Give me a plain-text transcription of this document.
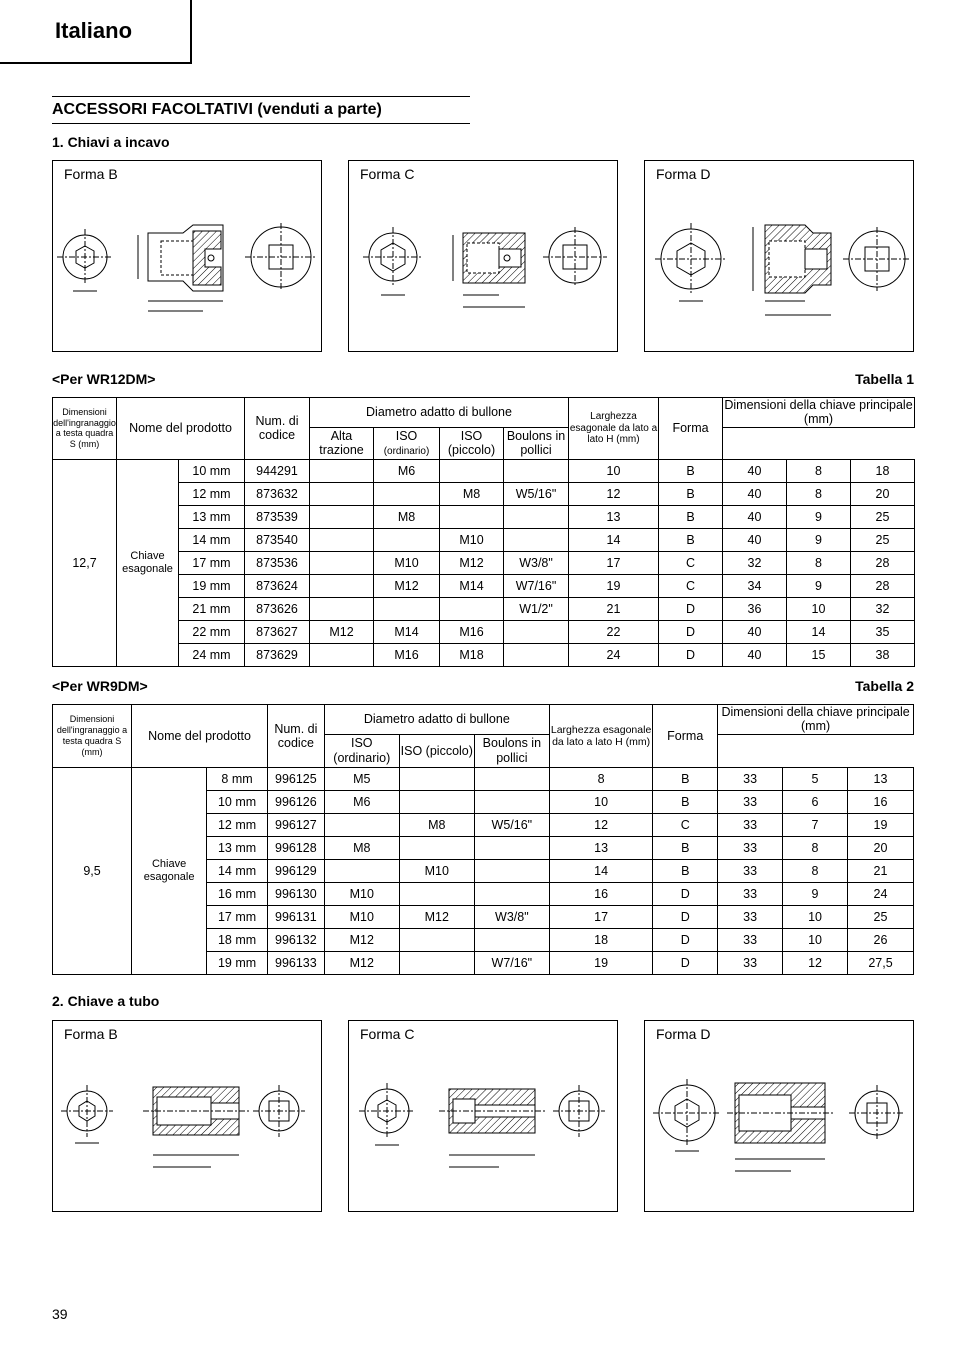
Italiano
ACCESSORI FACOLTATIVI (venduti a parte)
1. Chiavi a incavo
Forma B	Forma C	Forma D
<Per WR12DM>	Tabella 1
Dimensioni dell'ingranaggio a testa quadra S (mm)	Nome del prodotto		Num. di codice	Diametro adatto di bullone				Larghezza esagonale da lato a lato H (mm)	Forma	Dimensioni della chiave principale (mm)		
				Alta trazione	ISO
(ordinario)	ISO (piccolo)	Boulons in pollici					
12,7	Chiave esagonale	10 mm	944291		M6			10	B	40	8	18
		12 mm	873632			M8	W5/16"	12	B	40	8	20
		13 mm	873539		M8			13	B	40	9	25
		14 mm	873540			M10		14	B	40	9	25
		17 mm	873536		M10	M12	W3/8"	17	C	32	8	28
		19 mm	873624		M12	M14	W7/16"	19	C	34	9	28
		21 mm	873626				W1/2"	21	D	36	10	32
		22 mm	873627	M12	M14	M16		22	D	40	14	35
		24 mm	873629		M16	M18		24	D	40	15	38
<Per WR9DM>	Tabella 2
Dimensioni dell'ingranaggio a testa quadra S (mm)	Nome del prodotto		Num. di codice	Diametro adatto di bullone			Larghezza esagonale da lato a lato H (mm)	Forma	Dimensioni della chiave principale (mm)		
				ISO (ordinario)	ISO (piccolo)	Boulons in pollici					
9,5	Chiave esagonale	8 mm	996125	M5			8	B	33	5	13
		10 mm	996126	M6			10	B	33	6	16
		12 mm	996127		M8	W5/16"	12	C	33	7	19
		13 mm	996128	M8			13	B	33	8	20
		14 mm	996129		M10		14	B	33	8	21
		16 mm	996130	M10			16	D	33	9	24
		17 mm	996131	M10	M12	W3/8"	17	D	33	10	25
		18 mm	996132	M12			18	D	33	10	26
		19 mm	996133	M12		W7/16"	19	D	33	12	27,5
2. Chiave a tubo
Forma B	Forma C	Forma D
39
